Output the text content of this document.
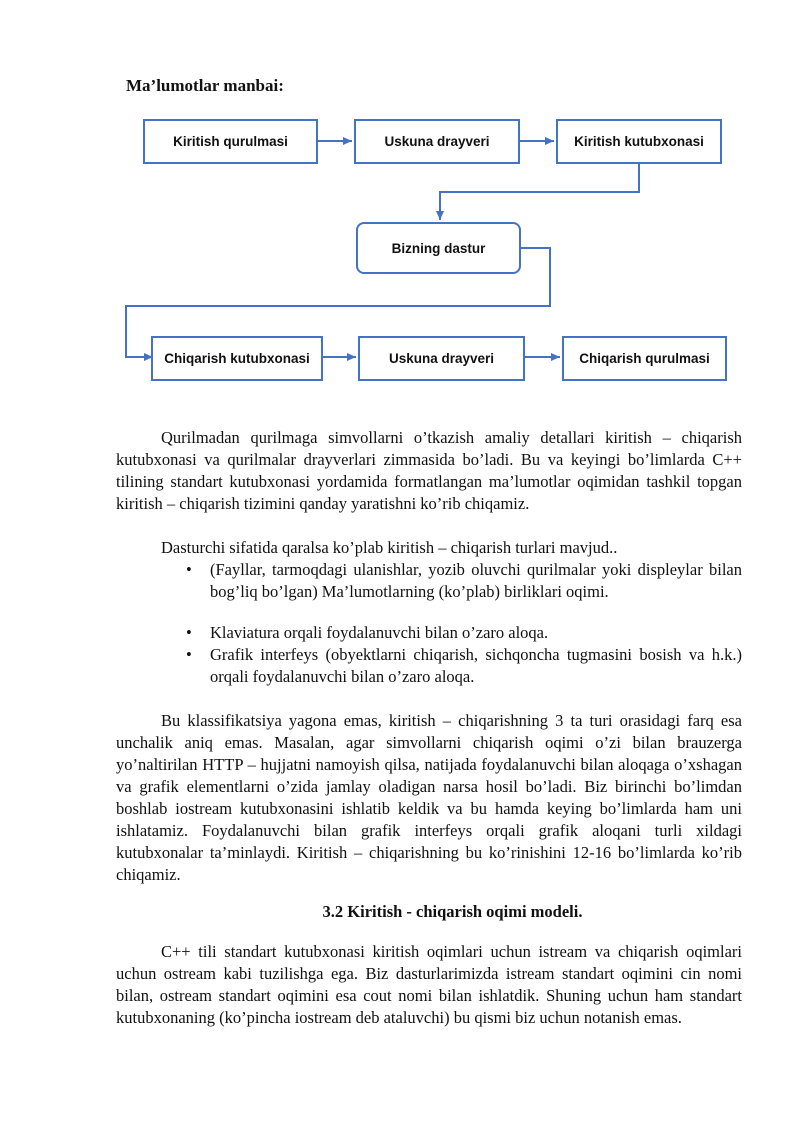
Ma’lumotlar manbai:
Kiritish qurulmasi	Uskuna drayveri	Kiritish kutubxonasi
Bizning dastur
Chiqarish kutubxonasi	Uskuna drayveri	Chiqarish qurulmasi

Qurilmadan qurilmaga simvollarni o’tkazish amaliy detallari kiritish – chiqarish kutubxonasi va qurilmalar drayverlari zimmasida bo’ladi. Bu va keyingi bo’limlarda C++ tilining standart kutubxonasi yordamida formatlangan ma’lumotlar oqimidan tashkil topgan kiritish – chiqarish tizimini qanday yaratishni ko’rib chiqamiz.

Dasturchi sifatida qaralsa ko’plab kiritish – chiqarish turlari mavjud..
•	(Fayllar, tarmoqdagi ulanishlar, yozib oluvchi qurilmalar yoki displeylar bilan bog’liq bo’lgan) Ma’lumotlarning (ko’plab) birliklari oqimi.
•	Klaviatura orqali foydalanuvchi bilan o’zaro aloqa.
•	Grafik interfeys (obyektlarni chiqarish, sichqoncha tugmasini bosish va h.k.) orqali foydalanuvchi bilan o’zaro aloqa.

Bu klassifikatsiya yagona emas, kiritish – chiqarishning 3 ta turi orasidagi farq esa unchalik aniq emas. Masalan, agar simvollarni chiqarish oqimi o’zi bilan brauzerga yo’naltirilan HTTP – hujjatni namoyish qilsa, natijada foydalanuvchi bilan aloqaga o’xshagan va grafik elementlarni o’zida jamlay oladigan narsa hosil bo’ladi. Biz birinchi bo’limdan boshlab iostream kutubxonasini ishlatib keldik va bu hamda keying bo’limlarda ham uni ishlatamiz. Foydalanuvchi bilan grafik interfeys orqali grafik aloqani turli xildagi kutubxonalar ta’minlaydi. Kiritish – chiqarishning bu ko’rinishini 12-16 bo’limlarda ko’rib chiqamiz.

3.2 Kiritish - chiqarish oqimi modeli.

C++ tili standart kutubxonasi kiritish oqimlari uchun istream va chiqarish oqimlari uchun ostream kabi tuzilishga ega. Biz dasturlarimizda istream standart oqimini cin nomi bilan, ostream standart oqimini esa cout nomi bilan ishlatdik. Shuning uchun ham standart kutubxonaning (ko’pincha iostream deb ataluvchi) bu qismi biz uchun notanish emas.
